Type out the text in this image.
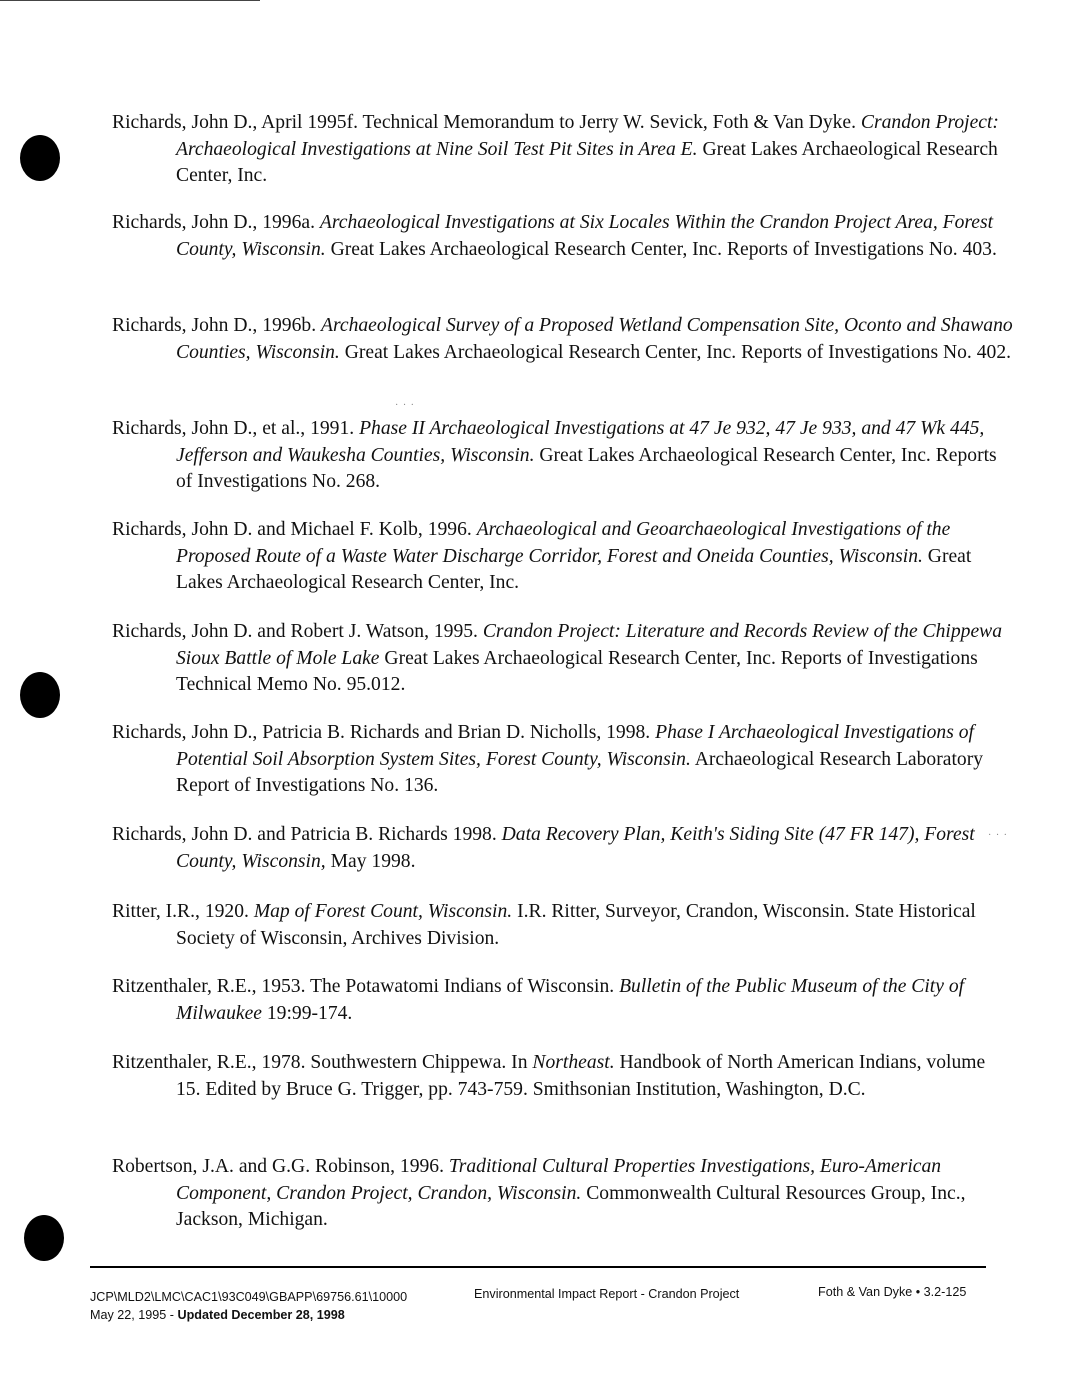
Richards, John D., April 1995f. Technical Memorandum to Jerry W. Sevick, Foth & Van Dyke. Crandon Project: Archaeological Investigations at Nine Soil Test Pit Sites in Area E. Great Lakes Archaeological Research Center, Inc.
Richards, John D., 1996a. Archaeological Investigations at Six Locales Within the Crandon Project Area, Forest County, Wisconsin. Great Lakes Archaeological Research Center, Inc. Reports of Investigations No. 403.
Richards, John D., 1996b. Archaeological Survey of a Proposed Wetland Compensation Site, Oconto and Shawano Counties, Wisconsin. Great Lakes Archaeological Research Center, Inc. Reports of Investigations No. 402.
· · ·
Richards, John D., et al., 1991. Phase II Archaeological Investigations at 47 Je 932, 47 Je 933, and 47 Wk 445, Jefferson and Waukesha Counties, Wisconsin. Great Lakes Archaeological Research Center, Inc. Reports of Investigations No. 268.
Richards, John D. and Michael F. Kolb, 1996. Archaeological and Geoarchaeological Investigations of the Proposed Route of a Waste Water Discharge Corridor, Forest and Oneida Counties, Wisconsin. Great Lakes Archaeological Research Center, Inc.
Richards, John D. and Robert J. Watson, 1995. Crandon Project: Literature and Records Review of the Chippewa Sioux Battle of Mole Lake Great Lakes Archaeological Research Center, Inc. Reports of Investigations Technical Memo No. 95.012.
Richards, John D., Patricia B. Richards and Brian D. Nicholls, 1998. Phase I Archaeological Investigations of Potential Soil Absorption System Sites, Forest County, Wisconsin. Archaeological Research Laboratory Report of Investigations No. 136.
Richards, John D. and Patricia B. Richards 1998. Data Recovery Plan, Keith's Siding Site (47 FR 147), Forest County, Wisconsin, May 1998.
· · ·
Ritter, I.R., 1920. Map of Forest Count, Wisconsin. I.R. Ritter, Surveyor, Crandon, Wisconsin. State Historical Society of Wisconsin, Archives Division.
Ritzenthaler, R.E., 1953. The Potawatomi Indians of Wisconsin. Bulletin of the Public Museum of the City of Milwaukee 19:99-174.
Ritzenthaler, R.E., 1978. Southwestern Chippewa. In Northeast. Handbook of North American Indians, volume 15. Edited by Bruce G. Trigger, pp. 743-759. Smithsonian Institution, Washington, D.C.
Robertson, J.A. and G.G. Robinson, 1996. Traditional Cultural Properties Investigations, Euro-American Component, Crandon Project, Crandon, Wisconsin. Commonwealth Cultural Resources Group, Inc., Jackson, Michigan.
JCP\MLD2\LMC\CAC1\93C049\GBAPP\69756.61\10000
May 22, 1995 - Updated December 28, 1998
Environmental Impact Report - Crandon Project	Foth & Van Dyke • 3.2-125
